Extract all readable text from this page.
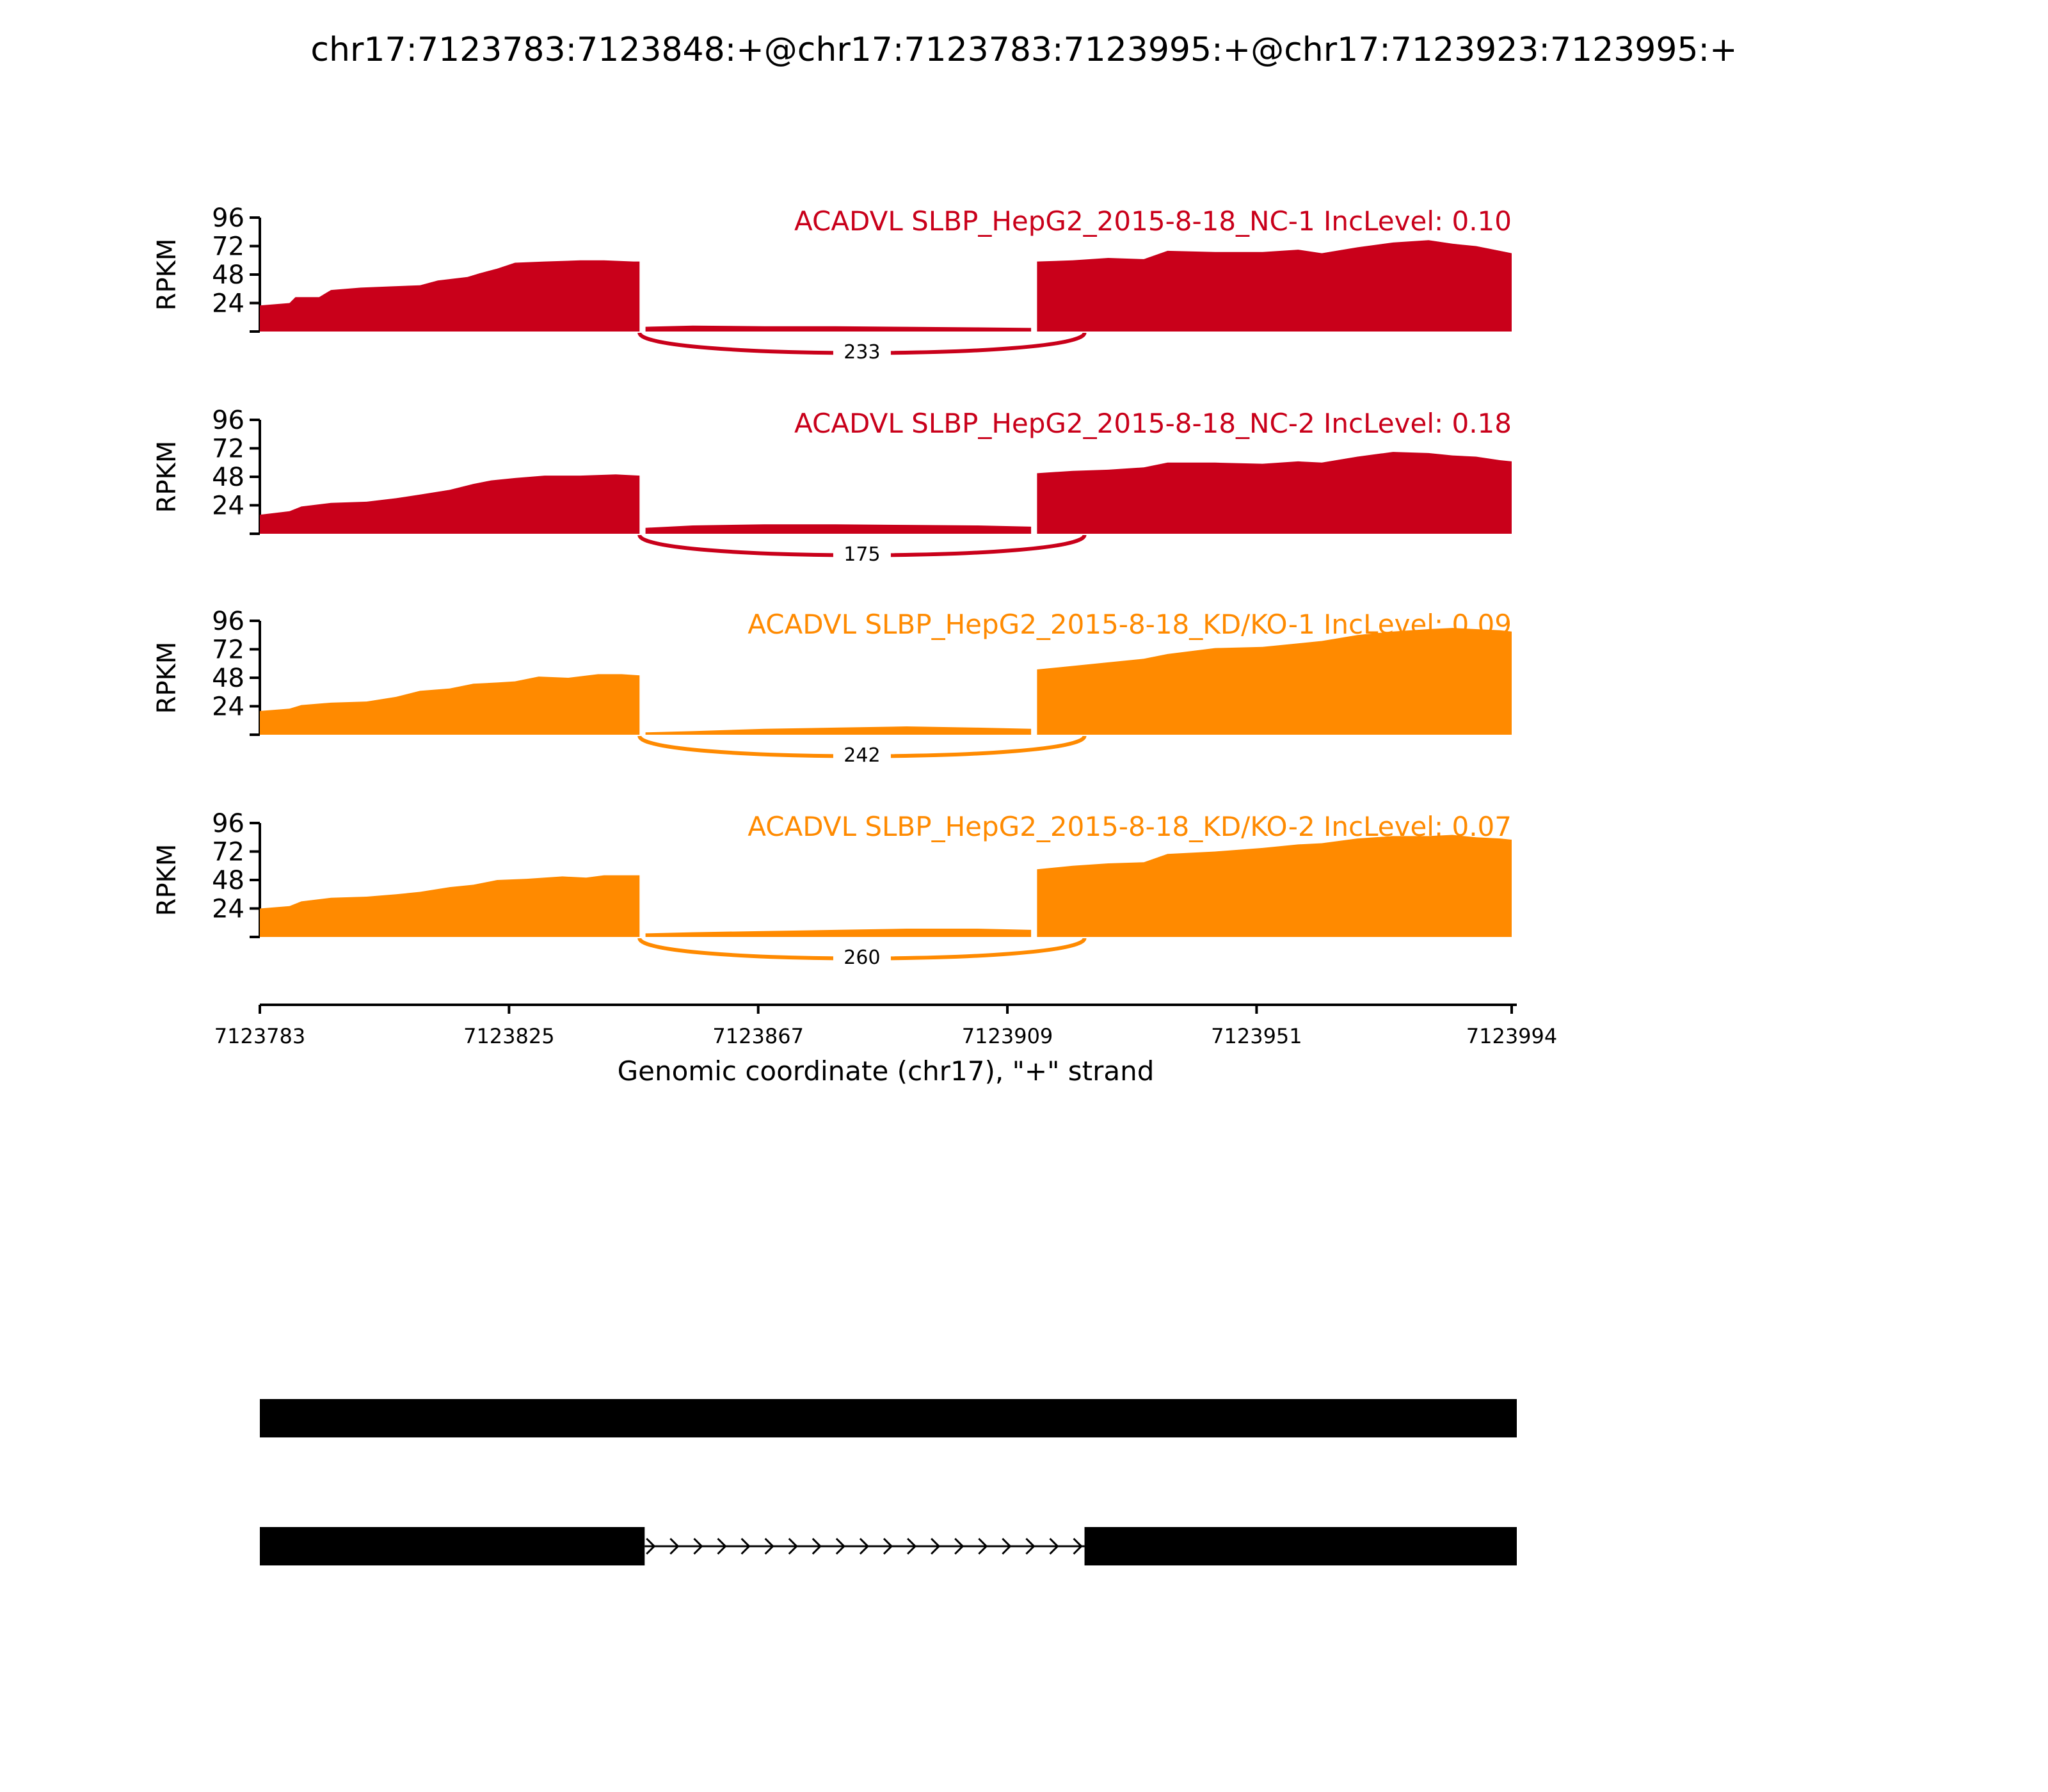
chr17:7123783:7123848:+@chr17:7123783:7123995:+@chr17:7123923:7123995:+
24
48
72
96
RPKM
ACADVL SLBP_HepG2_2015-8-18_NC-1 IncLevel: 0.10
233
24
48
72
96
RPKM
ACADVL SLBP_HepG2_2015-8-18_NC-2 IncLevel: 0.18
175
24
48
72
96
RPKM
ACADVL SLBP_HepG2_2015-8-18_KD/KO-1 IncLevel: 0.09
242
24
48
72
96
RPKM
ACADVL SLBP_HepG2_2015-8-18_KD/KO-2 IncLevel: 0.07
260
7123783	7123825	7123867	7123909	7123951	7123994
Genomic coordinate (chr17), "+" strand
